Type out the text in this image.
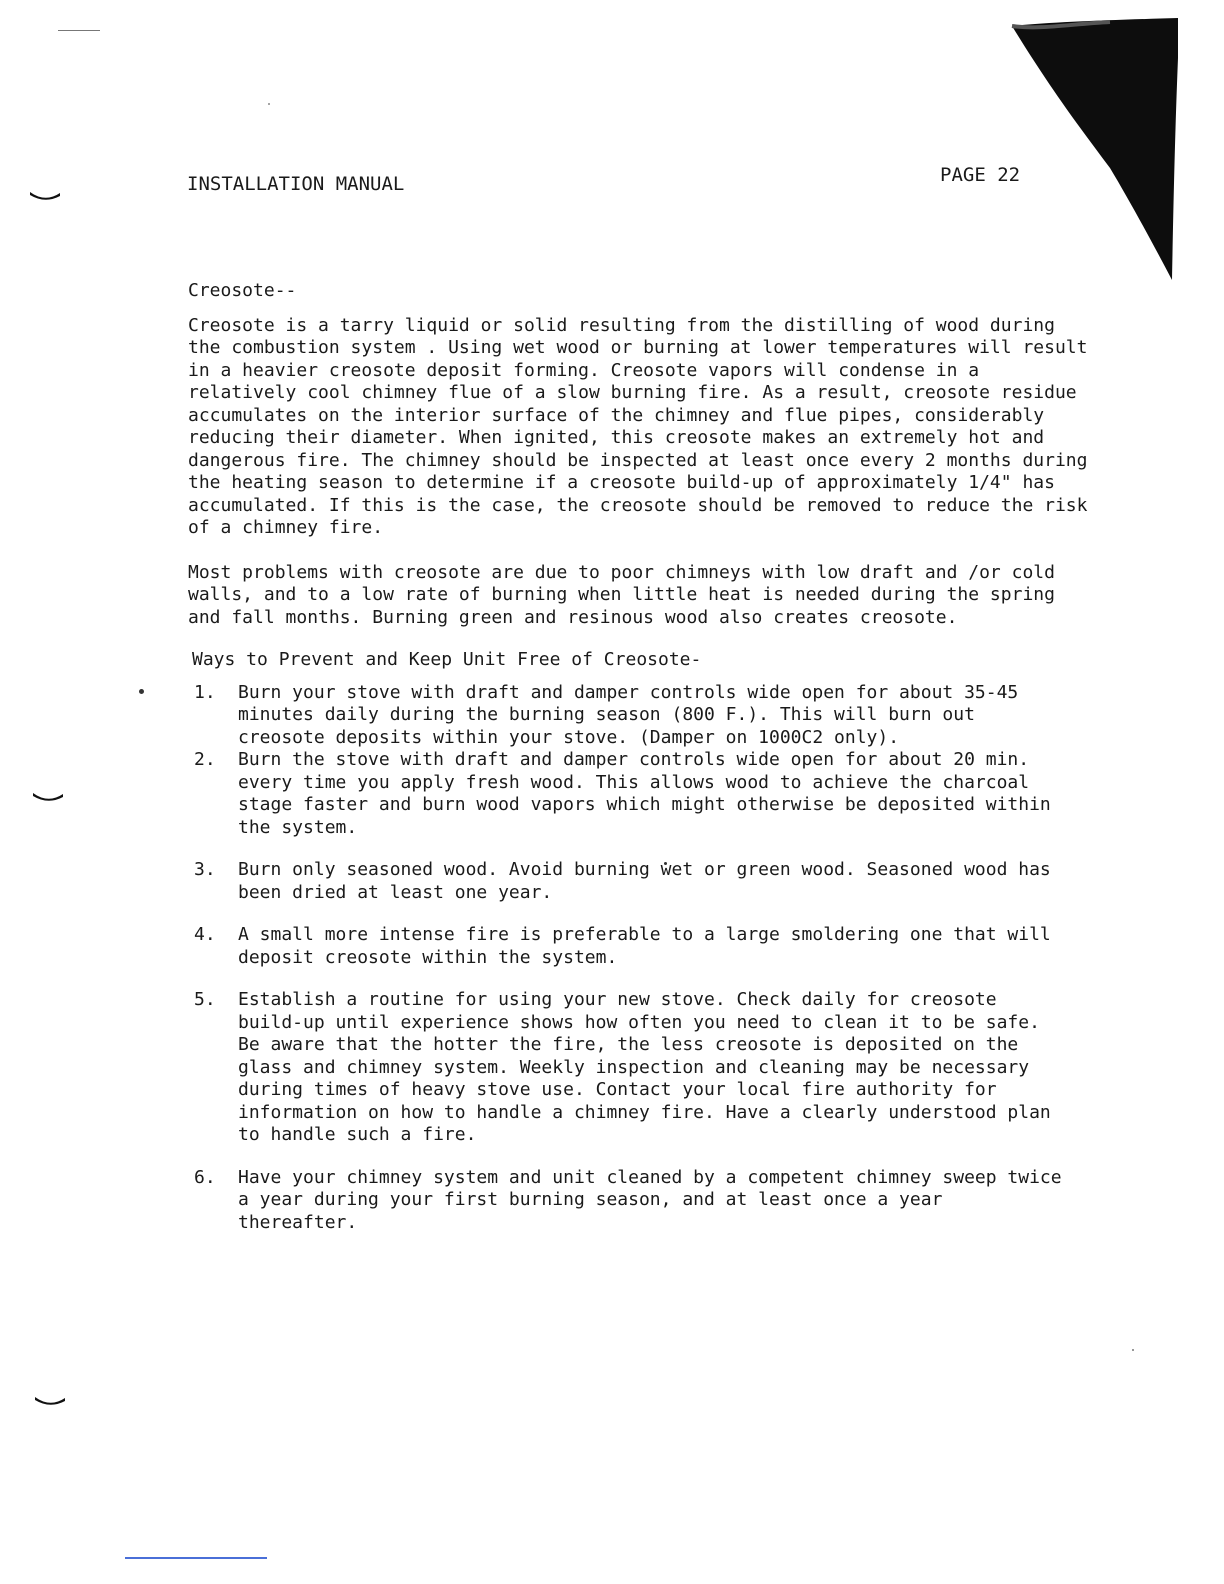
INSTALLATION MANUAL	PAGE 22
Creosote--

Creosote is a tarry liquid or solid resulting from the distilling of wood during the combustion system . Using wet wood or burning at lower temperatures will result in a heavier creosote deposit forming. Creosote vapors will condense in a relatively cool chimney flue of a slow burning fire. As a result, creosote residue accumulates on the interior surface of the chimney and flue pipes, considerably reducing their diameter. When ignited, this creosote makes an extremely hot and dangerous fire. The chimney should be inspected at least once every 2 months during the heating season to determine if a creosote build-up of approximately 1/4" has accumulated. If this is the case, the creosote should be removed to reduce the risk of a chimney fire.

Most problems with creosote are due to poor chimneys with low draft and /or cold walls, and to a low rate of burning when little heat is needed during the spring and fall months. Burning green and resinous wood also creates creosote.

Ways to Prevent and Keep Unit Free of Creosote-
1.	Burn your stove with draft and damper controls wide open for about 35-45 minutes daily during the burning season (800 F.). This will burn out creosote deposits within your stove. (Damper on 1000C2 only).
2.	Burn the stove with draft and damper controls wide open for about 20 min. every time you apply fresh wood. This allows wood to achieve the charcoal stage faster and burn wood vapors which might otherwise be deposited within the system.
3.	Burn only seasoned wood. Avoid burning wet or green wood. Seasoned wood has been dried at least one year.
4.	A small more intense fire is preferable to a large smoldering one that will deposit creosote within the system.
5.	Establish a routine for using your new stove. Check daily for creosote build-up until experience shows how often you need to clean it to be safe. Be aware that the hotter the fire, the less creosote is deposited on the glass and chimney system. Weekly inspection and cleaning may be necessary during times of heavy stove use. Contact your local fire authority for information on how to handle a chimney fire. Have a clearly understood plan to handle such a fire.
6.	Have your chimney system and unit cleaned by a competent chimney sweep twice a year during your first burning season, and at least once a year thereafter.
